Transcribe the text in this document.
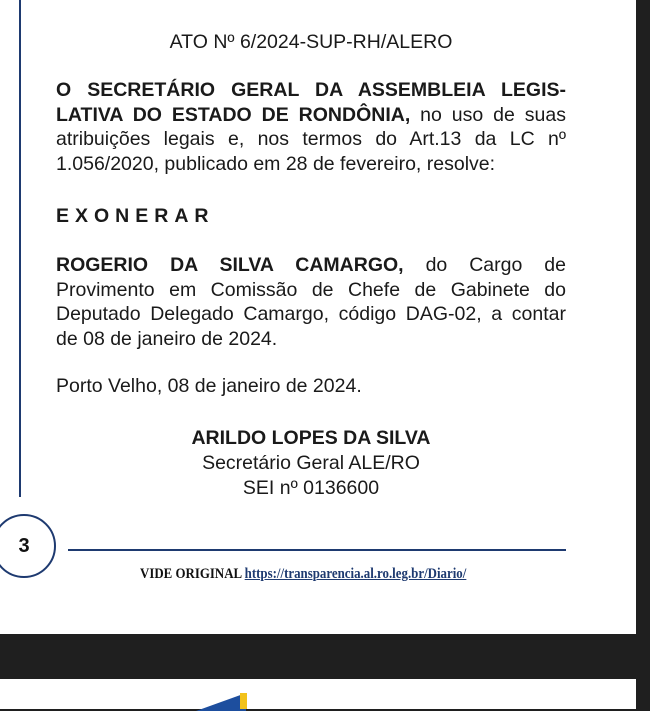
ATO Nº 6/2024-SUP-RH/ALERO
O SECRETÁRIO GERAL DA ASSEMBLEIA LEGIS-LATIVA DO ESTADO DE RONDÔNIA, no uso de suas atribuições legais e, nos termos do Art.13 da LC nº 1.056/2020, publicado em 28 de fevereiro, resolve:
EXONERAR
ROGERIO DA SILVA CAMARGO, do Cargo de Provimento em Comissão de Chefe de Gabinete do Deputado Delegado Camargo, código DAG-02, a contar de 08 de janeiro de 2024.
Porto Velho, 08 de janeiro de 2024.
ARILDO LOPES DA SILVA
Secretário Geral ALE/RO
SEI nº 0136600
3
VIDE ORIGINAL https://transparencia.al.ro.leg.br/Diario/
